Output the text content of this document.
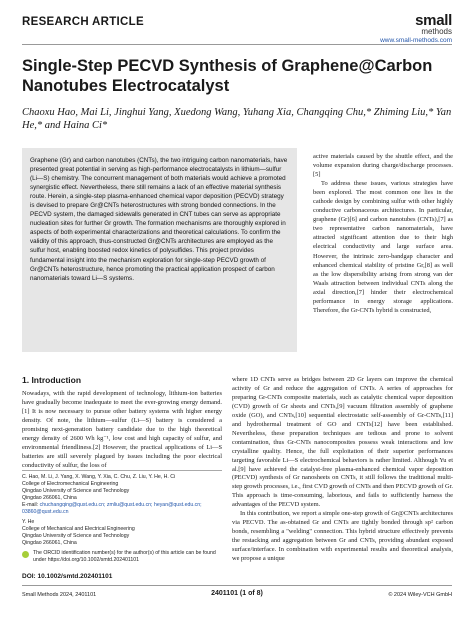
RESEARCH ARTICLE	small
methods
www.small-methods.com
Single-Step PECVD Synthesis of Graphene@Carbon Nanotubes Electrocatalyst
Chaoxu Hao, Mai Li, Jinghui Yang, Xuedong Wang, Yuhang Xia, Changqing Chu,* Zhiming Liu,* Yan He,* and Haina Ci*
Graphene (Gr) and carbon nanotubes (CNTs), the two intriguing carbon nanomaterials, have presented great potential in serving as high-performance electrocatalysts in lithium—sulfur (Li—S) chemistry. The concurrent management of both materials would achieve a promoted synergistic effect. Nevertheless, there still remains a lack of an effective material synthesis route. Herein, a single-step plasma-enhanced chemical vapor deposition (PECVD) strategy is devised to prepare Gr@CNTs heterostructures with strong bonded connections. In the PECVD system, the damaged sidewalls generated in CNT tubes can serve as appropriate nucleation sites for further Gr growth. The formation mechanisms are thoroughly explored in aspects of both experimental characterizations and theoretical calculations. To confirm the validity of this approach, thus-constructed Gr@CNTs architectures are employed as the sulfur host, enabling boosted redox kinetics of polysulfides. This project provides fundamental insight into the mechanism exploration for single-step PECVD growth of Gr@CNTs heterostructure, hence promoting the practical application prospect of carbon nanomaterials toward Li—S systems.

active materials caused by the shuttle effect, and the volume expansion during charge/discharge processes.[5]

To address these issues, various strategies have been explored. The most common one lies in the cathode design by combining sulfur with other highly conductive carbonaceous architectures. In particular, graphene (Gr)[6] and carbon nanotubes (CNTs),[7] as two representative carbon nanomaterials, have attracted significant attention due to their high electrical conductivity and large surface area. However, the intrinsic zero-bandgap character and enhanced chemical stability of pristine Gr,[8] as well as the low dispersibility arising from strong van der Waals attraction between individual CNTs along the axial direction,[7] hinder their electrochemical performance in energy storage applications. Therefore, the Gr-CNTs hybrid is constructed,

1. Introduction
Nowadays, with the rapid development of technology, lithium-ion batteries have gradually become inadequate to meet the ever-growing energy demand.[1] It is now necessary to pursue other battery systems with higher energy density. Of note, the lithium—sulfur (Li—S) battery is considered a promising next-generation battery candidate due to the high theoretical energy density of 2600 Wh kg⁻¹, low cost and high capacity of sulfur, and environmental friendliness.[2] However, the practical applications of Li—S batteries are still severely plagued by issues including the poor electrical conductivity of sulfur, the loss of

where 1D CNTs serve as bridges between 2D Gr layers can improve the chemical activity of Gr and reduce the aggregation of CNTs. A series of approaches for preparing Gr-CNTs composite materials, such as catalytic chemical vapor deposition (CVD) growth of Gr sheets and CNTs,[9] vacuum filtration assembly of graphene oxide (GO), and CNTs,[10] sequential electrostatic self-assembly of Gr-CNTs,[11] and hydrothermal treatment of GO and CNTs[12] have been established. Nevertheless, these preparation techniques are tedious and prone to solvent contamination, thus Gr-CNTs nanocomposites possess weak interactions and low crystalline quality. Hence, the full exploitation of their superior performances targeting favorable Li—S electrochemical behaviors is rather limited. Although Yu et al.[9] have achieved the catalyst-free plasma-enhanced chemical vapor deposition (PECVD) synthesis of Gr nanosheets on CNTs, it still follows the traditional multi-step growth processes, i.e., first CVD growth of CNTs and then PECVD growth of Gr. This approach is time-consuming, laborious, and fails to sufficiently harness the advantages of the PECVD system.

In this contribution, we report a simple one-step growth of Gr@CNTs architectures via PECVD. The as-obtained Gr and CNTs are tightly bonded through sp² carbon bonds, resembling a "welding" connection. This hybrid structure effectively prevents the restacking and aggregation between Gr and CNTs, providing abundant exposed surface/interface. In combination with experimental results and theoretical analysis, we propose a unique

C. Hao, M. Li, J. Yang, X. Wang, Y. Xia, C. Chu, Z. Liu, Y. He, H. Ci
College of Electromechanical Engineering
Qingdao University of Science and Technology
Qingdao 266061, China
E-mail: chuchangqing@qust.edu.cn; zmliu@qust.edu.cn; heyan@qust.edu.cn; 03860@qust.edu.cn
Y. He
College of Mechanical and Electrical Engineering
Qingdao University of Science and Technology
Qingdao 266061, China
The ORCID identification number(s) for the author(s) of this article can be found under https://doi.org/10.1002/smtd.202401101
DOI: 10.1002/smtd.202401101
Small Methods 2024, 2401101	2401101 (1 of 8)	© 2024 Wiley-VCH GmbH
